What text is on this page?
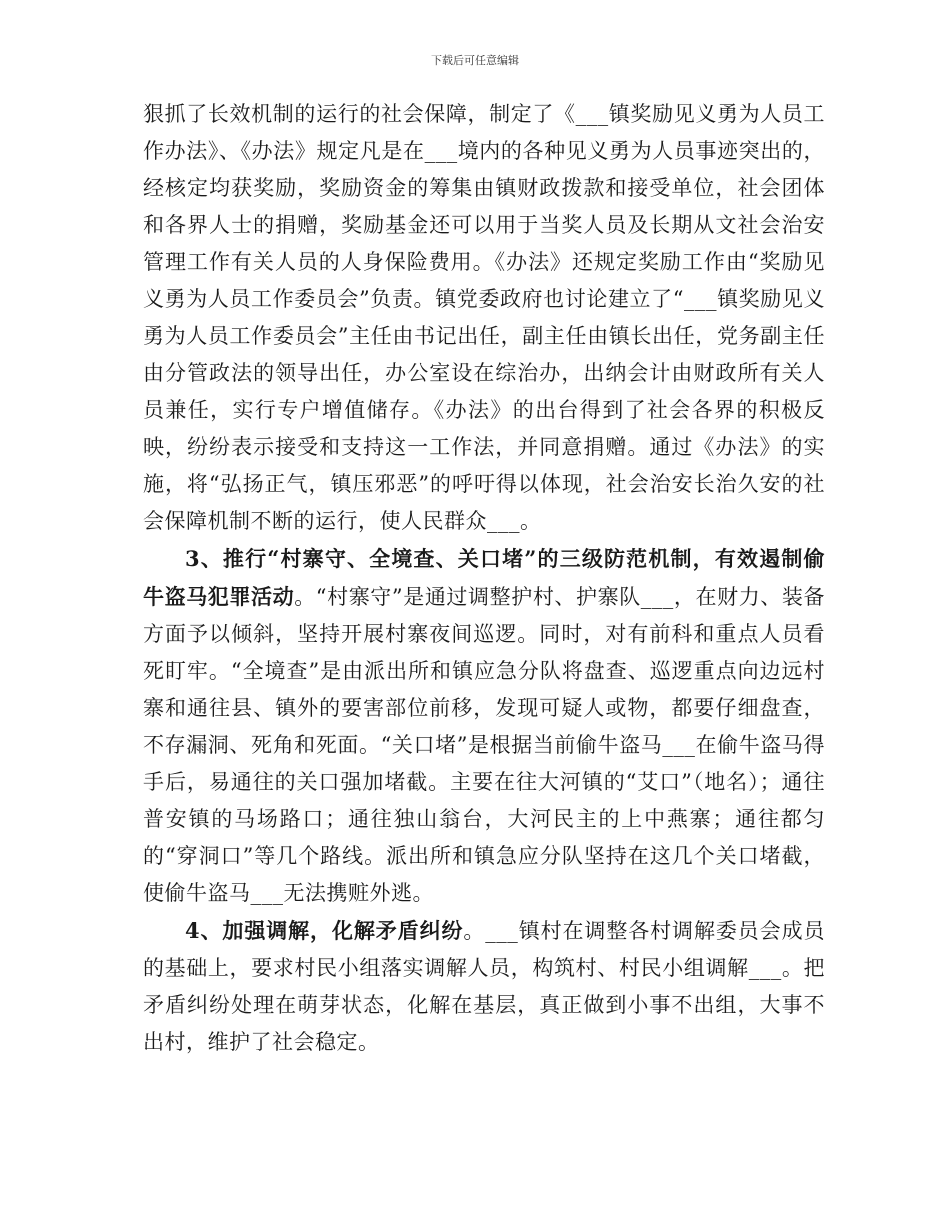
下载后可任意编辑

狠抓了长效机制的运行的社会保障，制定了《___镇奖励见义勇为人员工作办法》、《办法》规定凡是在___境内的各种见义勇为人员事迹突出的，经核定均获奖励，奖励资金的筹集由镇财政拨款和接受单位，社会团体和各界人士的捐赠，奖励基金还可以用于当奖人员及长期从文社会治安管理工作有关人员的人身保险费用。《办法》还规定奖励工作由“奖励见义勇为人员工作委员会”负责。镇党委政府也讨论建立了“___镇奖励见义勇为人员工作委员会”主任由书记出任，副主任由镇长出任，党务副主任由分管政法的领导出任，办公室设在综治办，出纳会计由财政所有关人员兼任，实行专户增值储存。《办法》的出台得到了社会各界的积极反映，纷纷表示接受和支持这一工作法，并同意捐赠。通过《办法》的实施，将“弘扬正气，镇压邪恶”的呼吁得以体现，社会治安长治久安的社会保障机制不断的运行，使人民群众___。

3、推行“村寨守、全境查、关口堵”的三级防范机制，有效遏制偷牛盗马犯罪活动。“村寨守”是通过调整护村、护寨队___，在财力、装备方面予以倾斜，坚持开展村寨夜间巡逻。同时，对有前科和重点人员看死盯牢。“全境查”是由派出所和镇应急分队将盘查、巡逻重点向边远村寨和通往县、镇外的要害部位前移，发现可疑人或物，都要仔细盘查，不存漏洞、死角和死面。“关口堵”是根据当前偷牛盗马___在偷牛盗马得手后，易通往的关口强加堵截。主要在往大河镇的“艾口”（地名）；通往普安镇的马场路口；通往独山翁台，大河民主的上中燕寨；通往都匀的“穿洞口”等几个路线。派出所和镇急应分队坚持在这几个关口堵截，使偷牛盗马___无法携赃外逃。

4、加强调解，化解矛盾纠纷。___镇村在调整各村调解委员会成员的基础上，要求村民小组落实调解人员，构筑村、村民小组调解___。把矛盾纠纷处理在萌芽状态，化解在基层，真正做到小事不出组，大事不出村，维护了社会稳定。
